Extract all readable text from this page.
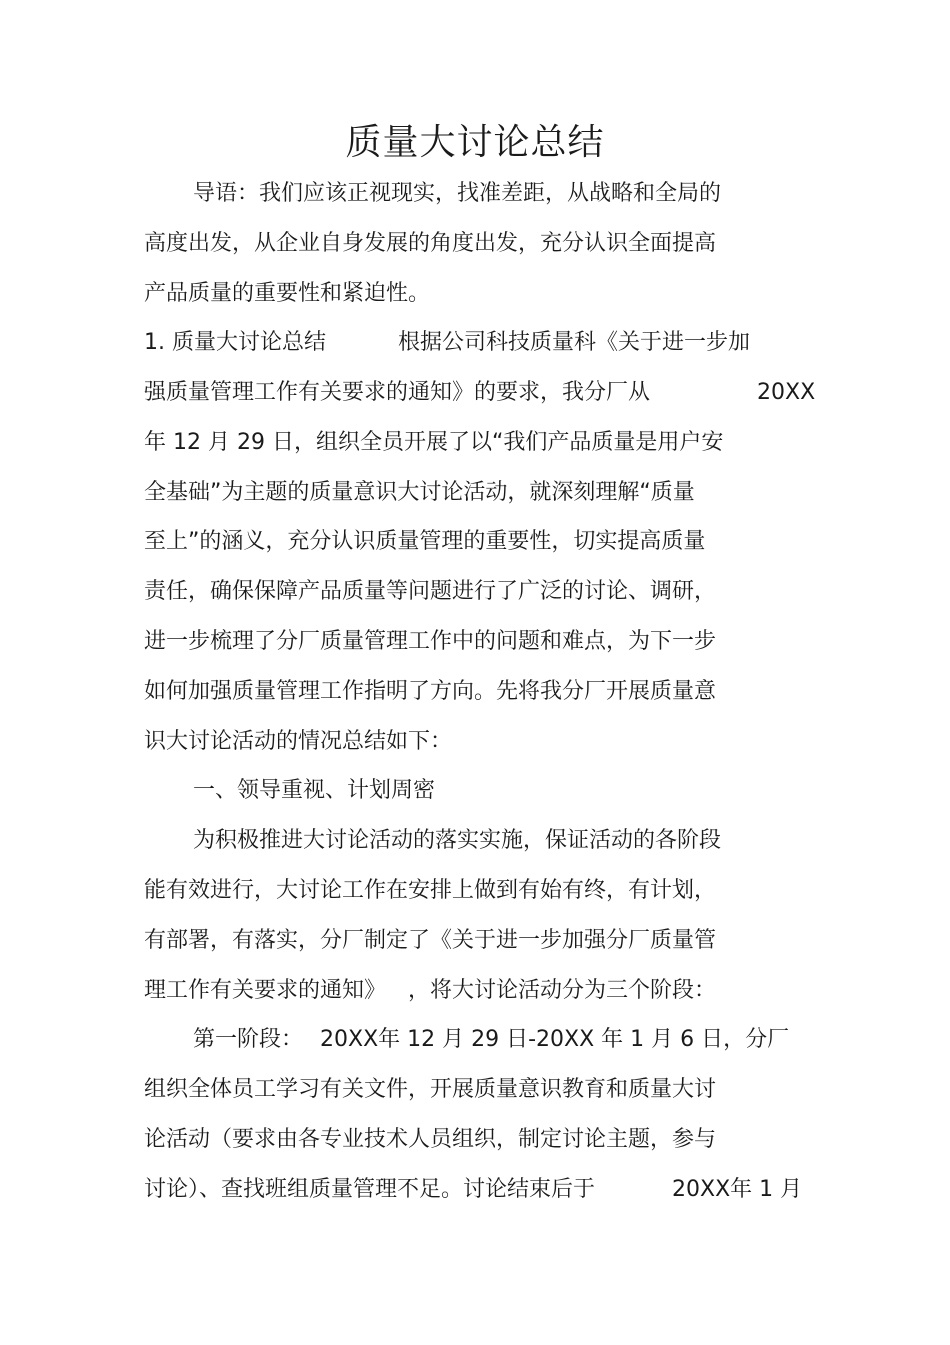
质量大讨论总结
导语：我们应该正视现实，找准差距，从战略和全局的
高度出发，从企业自身发展的角度出发，充分认识全面提高
产品质量的重要性和紧迫性。
1. 质量大讨论总结	根据公司科技质量科《关于进一步加
强质量管理工作有关要求的通知》的要求，我分厂从	20XX
年 12 月 29 日，组织全员开展了以“我们产品质量是用户安
全基础”为主题的质量意识大讨论活动，就深刻理解“质量
至上”的涵义，充分认识质量管理的重要性，切实提高质量
责任，确保保障产品质量等问题进行了广泛的讨论、调研，
进一步梳理了分厂质量管理工作中的问题和难点，为下一步
如何加强质量管理工作指明了方向。先将我分厂开展质量意
识大讨论活动的情况总结如下：
一、领导重视、计划周密
为积极推进大讨论活动的落实实施，保证活动的各阶段
能有效进行，大讨论工作在安排上做到有始有终，有计划，
有部署，有落实，分厂制定了《关于进一步加强分厂质量管
理工作有关要求的通知》 ，将大讨论活动分为三个阶段：
第一阶段： 20XX年 12 月 29 日-20XX 年 1 月 6 日，分厂
组织全体员工学习有关文件，开展质量意识教育和质量大讨
论活动（要求由各专业技术人员组织，制定讨论主题，参与
讨论）、查找班组质量管理不足。讨论结束后于	20XX年 1 月
